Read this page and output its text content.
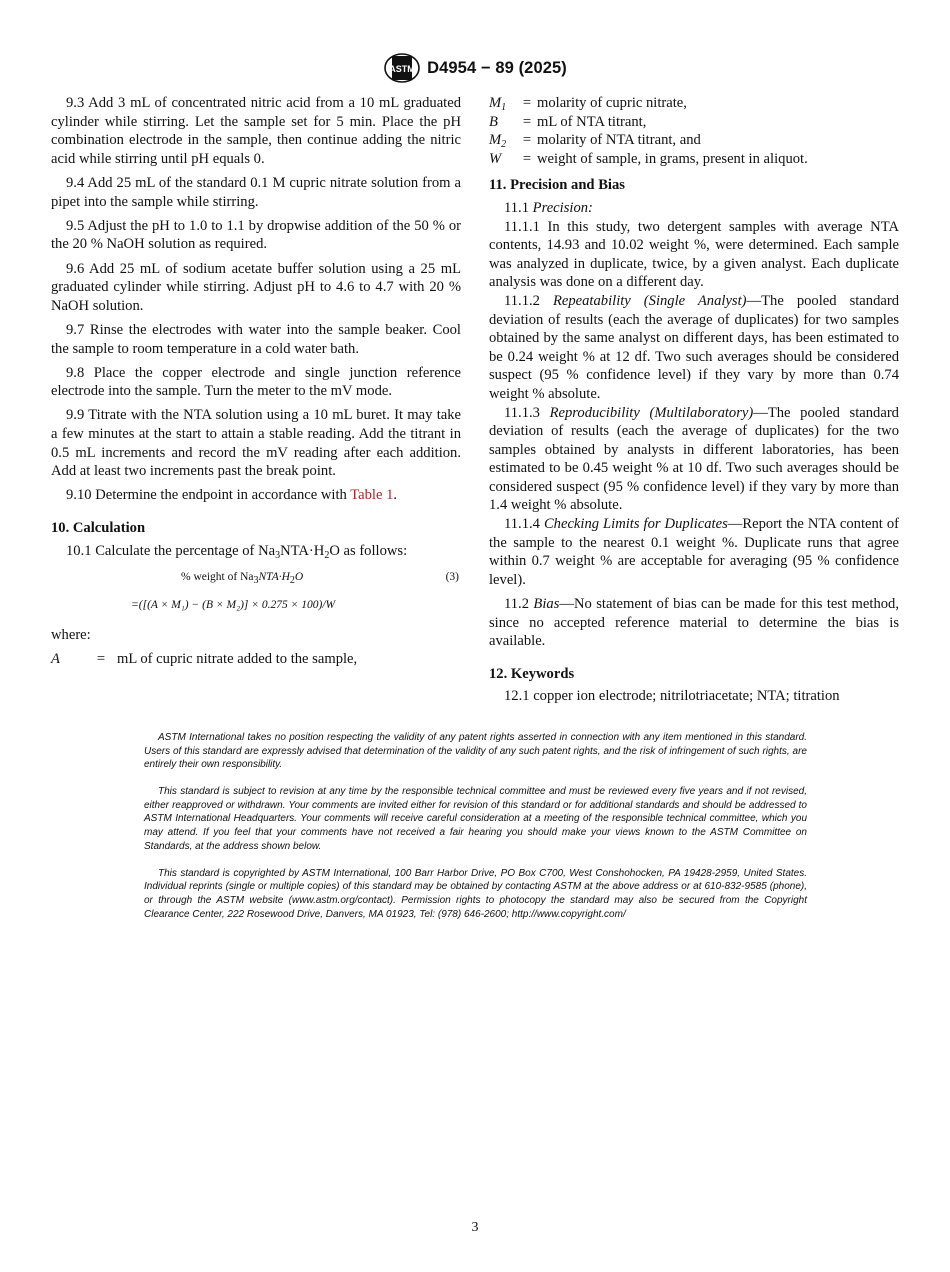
ASTM D4954 − 89 (2025)

9.3 Add 3 mL of concentrated nitric acid from a 10 mL graduated cylinder while stirring. Let the sample set for 5 min. Place the pH combination electrode in the sample, then continue adding the nitric acid while stirring until pH equals 0.

9.4 Add 25 mL of the standard 0.1 M cupric nitrate solution from a pipet into the sample while stirring.

9.5 Adjust the pH to 1.0 to 1.1 by dropwise addition of the 50 % or the 20 % NaOH solution as required.

9.6 Add 25 mL of sodium acetate buffer solution using a 25 mL graduated cylinder while stirring. Adjust pH to 4.6 to 4.7 with 20 % NaOH solution.

9.7 Rinse the electrodes with water into the sample beaker. Cool the sample to room temperature in a cold water bath.

9.8 Place the copper electrode and single junction reference electrode into the sample. Turn the meter to the mV mode.

9.9 Titrate with the NTA solution using a 10 mL buret. It may take a few minutes at the start to attain a stable reading. Add the titrant in 0.5 mL increments and record the mV reading after each addition. Add at least two increments past the break point.

9.10 Determine the endpoint in accordance with Table 1.

10. Calculation

10.1 Calculate the percentage of $Na_3NTA\cdot H_2O$ as follows:

% weight of $Na_3NTA\cdot H_2O$	(3)
=([(A × M₁) − (B × M₂)] × 0.275 × 100)/W

where:

A	= mL of cupric nitrate added to the sample,
$M_1$	= molarity of cupric nitrate,
B	= mL of NTA titrant,
$M_2$	= molarity of NTA titrant, and
W	= weight of sample, in grams, present in aliquot.
11. Precision and Bias

11.1 Precision:

11.1.1 In this study, two detergent samples with average NTA contents, 14.93 and 10.02 weight %, were determined. Each sample was analyzed in duplicate, twice, by a given analyst. Each duplicate analysis was done on a different day.

11.1.2 Repeatability (Single Analyst)—The pooled standard deviation of results (each the average of duplicates) for two samples obtained by the same analyst on different days, has been estimated to be 0.24 weight % at 12 df. Two such averages should be considered suspect (95 % confidence level) if they vary by more than 0.74 weight % absolute.

11.1.3 Reproducibility (Multilaboratory)—The pooled standard deviation of results (each the average of duplicates) for the two samples obtained by analysts in different laboratories, has been estimated to be 0.45 weight % at 10 df. Two such averages should be considered suspect (95 % confidence level) if they vary by more than 1.4 weight % absolute.

11.1.4 Checking Limits for Duplicates—Report the NTA content of the sample to the nearest 0.1 weight %. Duplicate runs that agree within 0.7 weight % are acceptable for averaging (95 % confidence level).

11.2 Bias—No statement of bias can be made for this test method, since no accepted reference material to determine the bias is available.

12. Keywords

12.1 copper ion electrode; nitrilotriacetate; NTA; titration

ASTM International takes no position respecting the validity of any patent rights asserted in connection with any item mentioned in this standard. Users of this standard are expressly advised that determination of the validity of any such patent rights, and the risk of infringement of such rights, are entirely their own responsibility.

This standard is subject to revision at any time by the responsible technical committee and must be reviewed every five years and if not revised, either reapproved or withdrawn. Your comments are invited either for revision of this standard or for additional standards and should be addressed to ASTM International Headquarters. Your comments will receive careful consideration at a meeting of the responsible technical committee, which you may attend. If you feel that your comments have not received a fair hearing you should make your views known to the ASTM Committee on Standards, at the address shown below.

This standard is copyrighted by ASTM International, 100 Barr Harbor Drive, PO Box C700, West Conshohocken, PA 19428-2959, United States. Individual reprints (single or multiple copies) of this standard may be obtained by contacting ASTM at the above address or at 610-832-9585 (phone), or through the ASTM website (www.astm.org/contact). Permission rights to photocopy the standard may also be secured from the Copyright Clearance Center, 222 Rosewood Drive, Danvers, MA 01923, Tel: (978) 646-2600; http://www.copyright.com/

3
